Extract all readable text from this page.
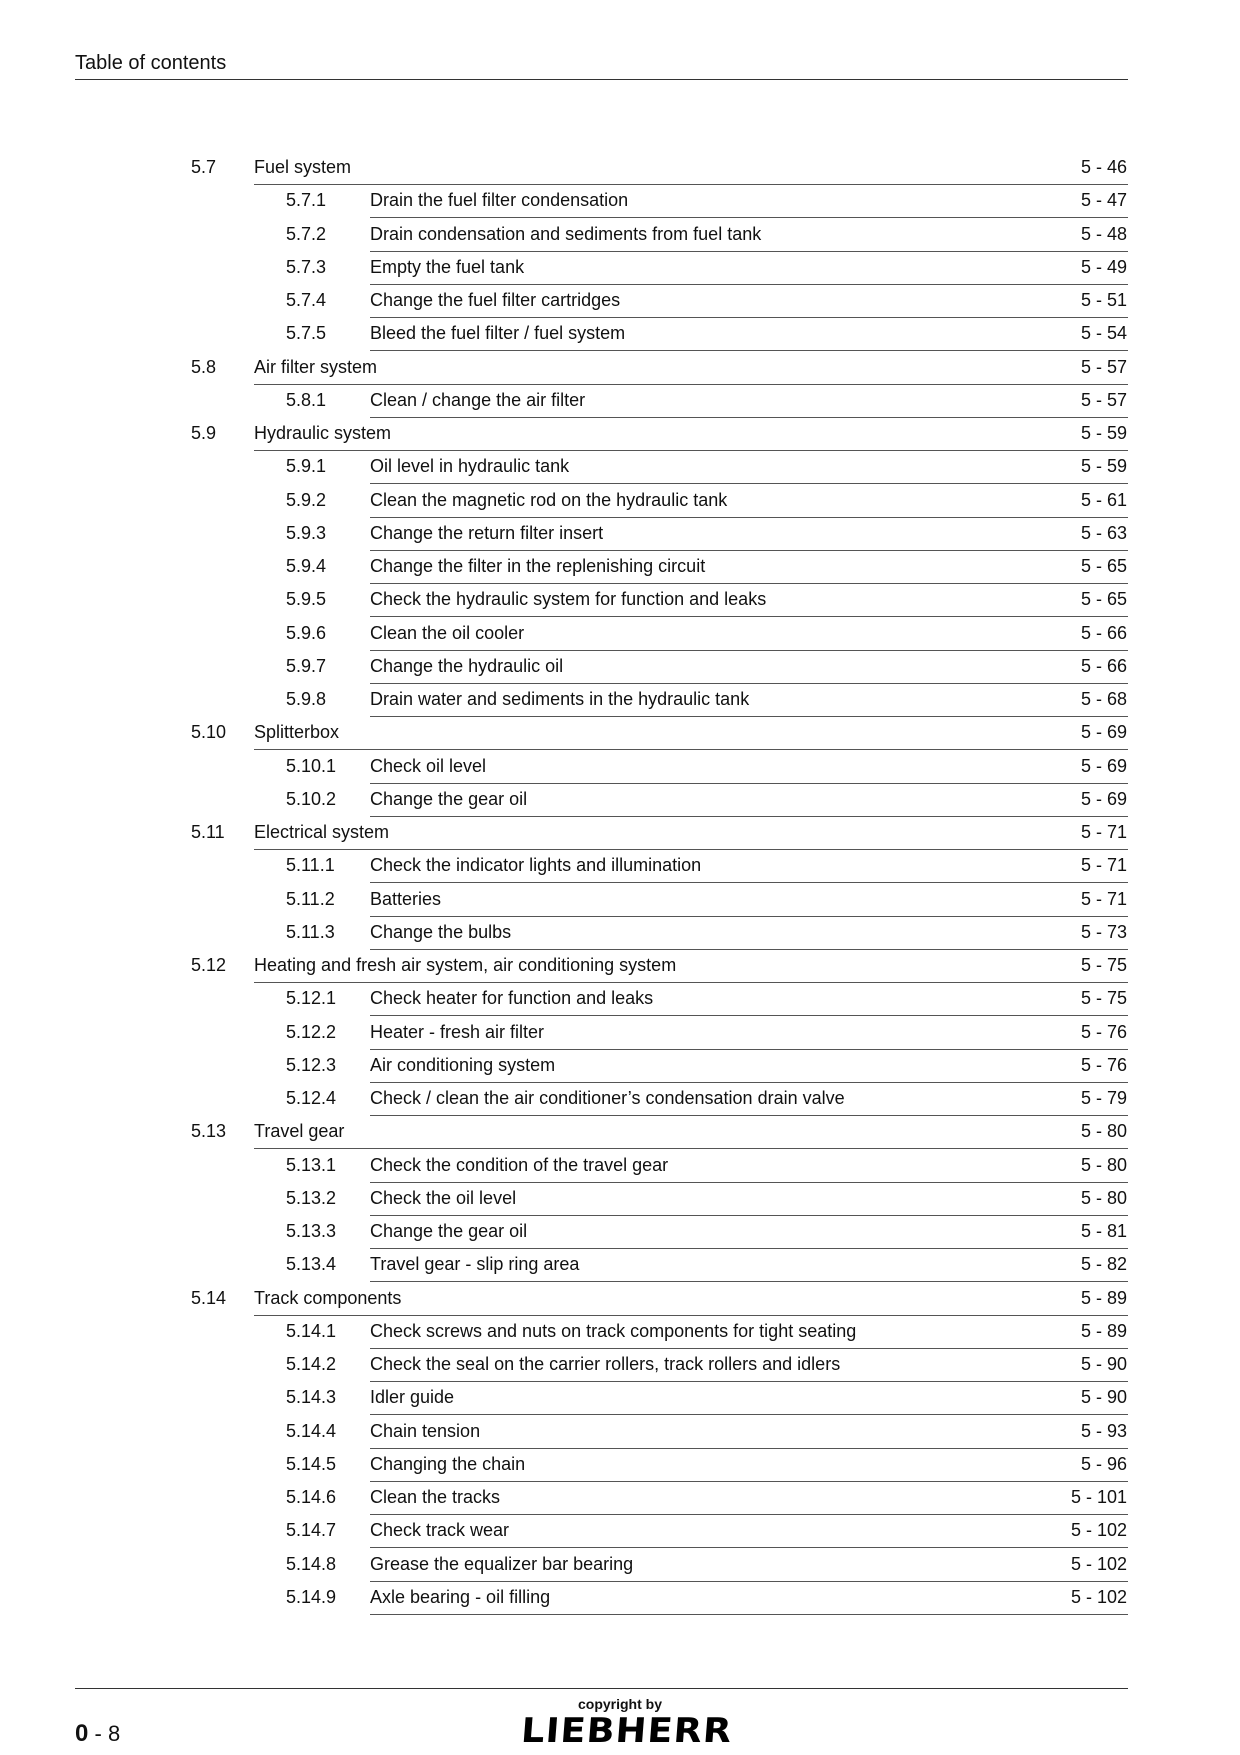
Table of contents
5.7 Fuel system	5 - 46
5.7.1 Drain the fuel filter condensation	5 - 47
5.7.2 Drain condensation and sediments from fuel tank	5 - 48
5.7.3 Empty the fuel tank	5 - 49
5.7.4 Change the fuel filter cartridges	5 - 51
5.7.5 Bleed the fuel filter / fuel system	5 - 54
5.8 Air filter system	5 - 57
5.8.1 Clean / change the air filter	5 - 57
5.9 Hydraulic system	5 - 59
5.9.1 Oil level in hydraulic tank	5 - 59
5.9.2 Clean the magnetic rod on the hydraulic tank	5 - 61
5.9.3 Change the return filter insert	5 - 63
5.9.4 Change the filter in the replenishing circuit	5 - 65
5.9.5 Check the hydraulic system for function and leaks	5 - 65
5.9.6 Clean the oil cooler	5 - 66
5.9.7 Change the hydraulic oil	5 - 66
5.9.8 Drain water and sediments in the hydraulic tank	5 - 68
5.10 Splitterbox	5 - 69
5.10.1 Check oil level	5 - 69
5.10.2 Change the gear oil	5 - 69
5.11 Electrical system	5 - 71
5.11.1 Check the indicator lights and illumination	5 - 71
5.11.2 Batteries	5 - 71
5.11.3 Change the bulbs	5 - 73
5.12 Heating and fresh air system, air conditioning system	5 - 75
5.12.1 Check heater for function and leaks	5 - 75
5.12.2 Heater - fresh air filter	5 - 76
5.12.3 Air conditioning system	5 - 76
5.12.4 Check / clean the air conditioner’s condensation drain valve	5 - 79
5.13 Travel gear	5 - 80
5.13.1 Check the condition of the travel gear	5 - 80
5.13.2 Check the oil level	5 - 80
5.13.3 Change the gear oil	5 - 81
5.13.4 Travel gear - slip ring area	5 - 82
5.14 Track components	5 - 89
5.14.1 Check screws and nuts on track components for tight seating	5 - 89
5.14.2 Check the seal on the carrier rollers, track rollers and idlers	5 - 90
5.14.3 Idler guide	5 - 90
5.14.4 Chain tension	5 - 93
5.14.5 Changing the chain	5 - 96
5.14.6 Clean the tracks	5 - 101
5.14.7 Check track wear	5 - 102
5.14.8 Grease the equalizer bar bearing	5 - 102
5.14.9 Axle bearing - oil filling	5 - 102
0 - 8
copyright by
LIEBHERR
